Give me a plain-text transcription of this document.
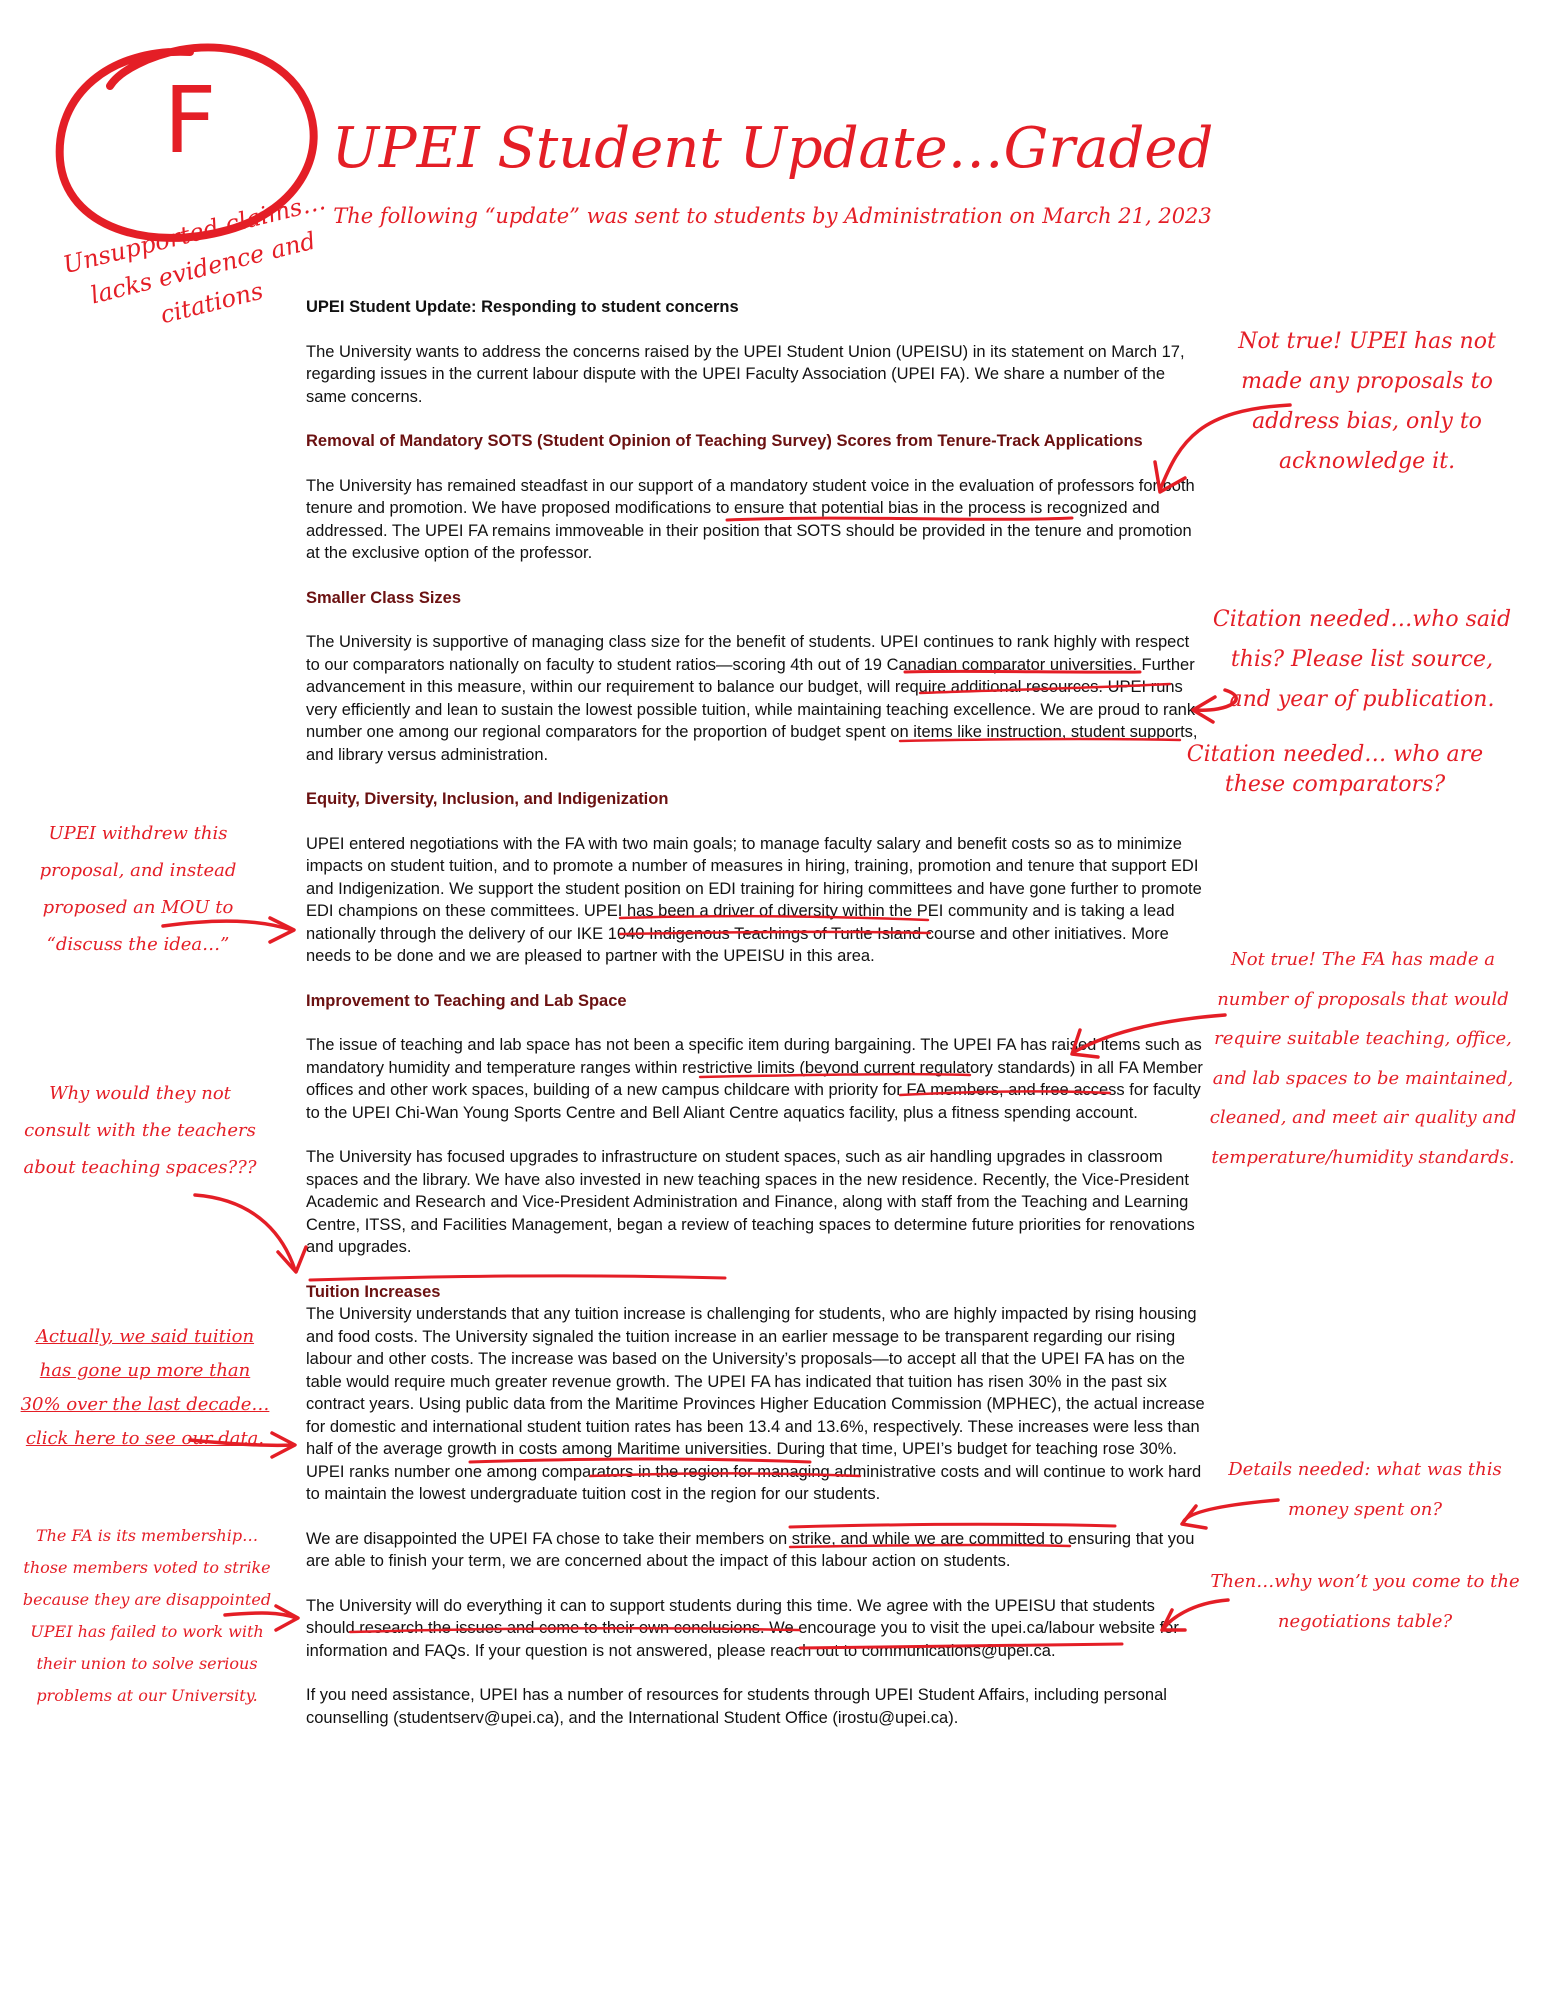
F	UPEI Student Update…Graded
The following “update” was sent to students by Administration on March 21, 2023
Unsupported claims…lacks evidence and citations	UPEI Student Update: Responding to student concerns

The University wants to address the concerns raised by the UPEI Student Union (UPEISU) in its statement on March 17, regarding issues in the current labour dispute with the UPEI Faculty Association (UPEI FA). We share a number of the same concerns.

Removal of Mandatory SOTS (Student Opinion of Teaching Survey) Scores from Tenure-Track Applications

The University has remained steadfast in our support of a mandatory student voice in the evaluation of professors for both tenure and promotion. We have proposed modifications to ensure that potential bias in the process is recognized and addressed. The UPEI FA remains immoveable in their position that SOTS should be provided in the tenure and promotion at the exclusive option of the professor.

Smaller Class Sizes

The University is supportive of managing class size for the benefit of students. UPEI continues to rank highly with respect to our comparators nationally on faculty to student ratios—scoring 4th out of 19 Canadian comparator universities. Further advancement in this measure, within our requirement to balance our budget, will require additional resources. UPEI runs very efficiently and lean to sustain the lowest possible tuition, while maintaining teaching excellence. We are proud to rank number one among our regional comparators for the proportion of budget spent on items like instruction, student supports, and library versus administration.

Equity, Diversity, Inclusion, and Indigenization

UPEI entered negotiations with the FA with two main goals; to manage faculty salary and benefit costs so as to minimize impacts on student tuition, and to promote a number of measures in hiring, training, promotion and tenure that support EDI and Indigenization. We support the student position on EDI training for hiring committees and have gone further to promote EDI champions on these committees. UPEI has been a driver of diversity within the PEI community and is taking a lead nationally through the delivery of our IKE 1040 Indigenous Teachings of Turtle Island course and other initiatives. More needs to be done and we are pleased to partner with the UPEISU in this area.

Improvement to Teaching and Lab Space

The issue of teaching and lab space has not been a specific item during bargaining. The UPEI FA has raised items such as mandatory humidity and temperature ranges within restrictive limits (beyond current regulatory standards) in all FA Member offices and other work spaces, building of a new campus childcare with priority for FA members, and free access for faculty to the UPEI Chi-Wan Young Sports Centre and Bell Aliant Centre aquatics facility, plus a fitness spending account.

The University has focused upgrades to infrastructure on student spaces, such as air handling upgrades in classroom spaces and the library. We have also invested in new teaching spaces in the new residence. Recently, the Vice-President Academic and Research and Vice-President Administration and Finance, along with staff from the Teaching and Learning Centre, ITSS, and Facilities Management, began a review of teaching spaces to determine future priorities for renovations and upgrades.

Tuition Increases

The University understands that any tuition increase is challenging for students, who are highly impacted by rising housing and food costs. The University signaled the tuition increase in an earlier message to be transparent regarding our rising labour and other costs. The increase was based on the University’s proposals—to accept all that the UPEI FA has on the table would require much greater revenue growth. The UPEI FA has indicated that tuition has risen 30% in the past six contract years. Using public data from the Maritime Provinces Higher Education Commission (MPHEC), the actual increase for domestic and international student tuition rates has been 13.4 and 13.6%, respectively. These increases were less than half of the average growth in costs among Maritime universities. During that time, UPEI’s budget for teaching rose 30%.

UPEI ranks number one among comparators in the region for managing administrative costs and will continue to work hard to maintain the lowest undergraduate tuition cost in the region for our students.

We are disappointed the UPEI FA chose to take their members on strike, and while we are committed to ensuring that you are able to finish your term, we are concerned about the impact of this labour action on students.

The University will do everything it can to support students during this time. We agree with the UPEISU that students should research the issues and come to their own conclusions. We encourage you to visit the upei.ca/labour website for information and FAQs. If your question is not answered, please reach out to communications@upei.ca.

If you need assistance, UPEI has a number of resources for students through UPEI Student Affairs, including personal counselling (studentserv@upei.ca), and the International Student Office (irostu@upei.ca).

Not true! UPEI has not made any proposals to address bias, only to acknowledge it.
Citation needed…who said this? Please list source, and year of publication.
Citation needed… who are these comparators?
UPEI withdrew this proposal, and instead proposed an MOU to “discuss the idea…”
Not true! The FA has made a number of proposals that would require suitable teaching, office, and lab spaces to be maintained, cleaned, and meet air quality and temperature/humidity standards.
Why would they not consult with the teachers about teaching spaces???
Actually, we said tuition has gone up more than 30% over the last decade…click here to see our data.
Details needed: what was this money spent on?
The FA is its membership…those members voted to strike because they are disappointed UPEI has failed to work with their union to solve serious problems at our University.
Then…why won’t you come to the negotiations table?
